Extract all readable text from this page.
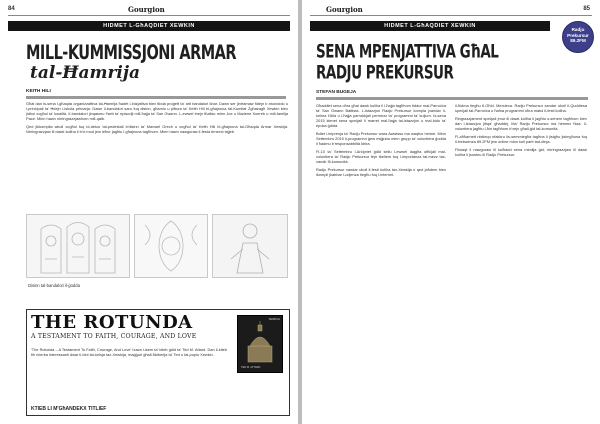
84	Gourgion
HIDMET L-GħAQDIET XEWKIN
MILL-KUMMISSJONI ARMAR
tal-Ħamrija
KEITH HILI

Għal dan is-sena l-għaqda organizzattiva tal-Ħamrija ħadet l-inizjattiva biex tibda proġett ta' arti bandalori kbar. Dawn ser jintramaw fidejn ir-rwondolo u l-prinċipali ta' Ħdejn l-iskola primarja. Dawn il-bandalori saru fuq disinn, għamlu u pittura ta' Keith Hili bl-għajnuna tal-Kumitat Żgħażagħ Xewkin biex jidhol xogħol ta' kwalità. Il-bandalori jinqasmu f'sett ta' episodji mill-ħajja ta' San Gwann. L-ewwel tnejn tħallsu minn Joe u Marlene Xuereb u mill-familja Pace. Minn hawn nirringrazzjawhom mill-qalb.

Qed jikkompila wkoll xogħol fuq id-dekor tal-pedestall b'disinn ta' Manwel Grech u xogħol ta' Keith Hili bl-għajnuna tal-Għaqda Armar Xewkija. Nirringrazzjaw lil dawk kollha li b'xi mod jew ieħor jagħtu l-għajnuna tagħhom. Minn hawn nawguraw il-festa tirnexxi tajjeb.

Disinn tal-bandalori il-ġodda
THE ROTUNDA
A TESTAMENT TO FAITH, COURAGE, AND LOVE
'The Rotunda – A Testament To Faith, Courage, And Love' huwa l-isem ta' ktieb ġdid ta' Ted M. Attard. Dan il-ktieb fih riċerka interessanti dwar il-bini tal-knisja tax-Xewkija, maġġuri għall-ħbiberija ta' Ted u tal-poplu Xewkin.
KTIEB LI M'GħANDEKX TITLIEF
XEWKIJA
TED M. ATTARD
Gourgion	85
HIDMET L-GħAQDIET XEWKIN
Radju Prekursur 89.2FM
SENA MPENJATTIVA GħAL
RADJU PREKURSUR
STEFAN BUGEJA

Għaddiet sena oħra għal dawk kollha li l-ħajja tagħhom tiddur mal-Parroċċa ta' San Ġwann Battista. L-istazzjon Radju Prekursur kompla jxandar il-kelma t'Alla u l-ħajja parrokkjali permezz ta' programmi ta' kuljum. Is-sena 2015 kienet sena speċjali li marret mal-ħajja tal-istazzjon u mal-bidu ta' epoka ġdida.

Bdiet l-imprenja ta' Radju Prekursur wara Awwissu ma waqfux hemm. Minn Settembru 2015 il-programmi ġew miġjuba minn grupp ta' voluntiera ġodda li ħadmu b'responsabbiltà kbira.

Fl-10 ta' Settembru l-Arċipriet ġdid kellu l-ewwel laqgħa uffiċjali mal-voluntiera ta' Radju Prekursur fejn tkellem fuq l-importanza tal-mezz tax-xandir fil-komunità.

Radju Prekursur xandar ukoll il-festi kollha tax-Xewkija u qed jaħdem biex ikompli jkabbar l-udjenza tiegħu fuq l-internet.

il-ħidma tiegħu fl-Għid. Mercieca. Radju Prekursur xandar ukoll il-Quddiesa speċjali tal-Parroċċa u ħafna programmi oħra matul il-festi kollha.

Ringrazzjament speċjali jmur lil dawk kollha li jagħtu s-sehem tagħhom biex dan l-istazzjon jibqa' għaddej. Ma' Radju Prekursur ma hemmx ħlas. Il-voluntiera jagħtu l-ħin tagħhom b'xejn għall-ġid tal-komunità.

Fl-aħħarnett nixtiequ nfakkru lis-semmiegħa tagħna li jistgħu jisimgħuna fuq il-frekwenza 89.2FM jew online minn kull parti tad-dinja.

Filwaqt li nawguraw lil kulħadd sena mimlija ġid, nirringrazzjaw lil dawk kollha li jsostnu lil Radju Prekursur.
